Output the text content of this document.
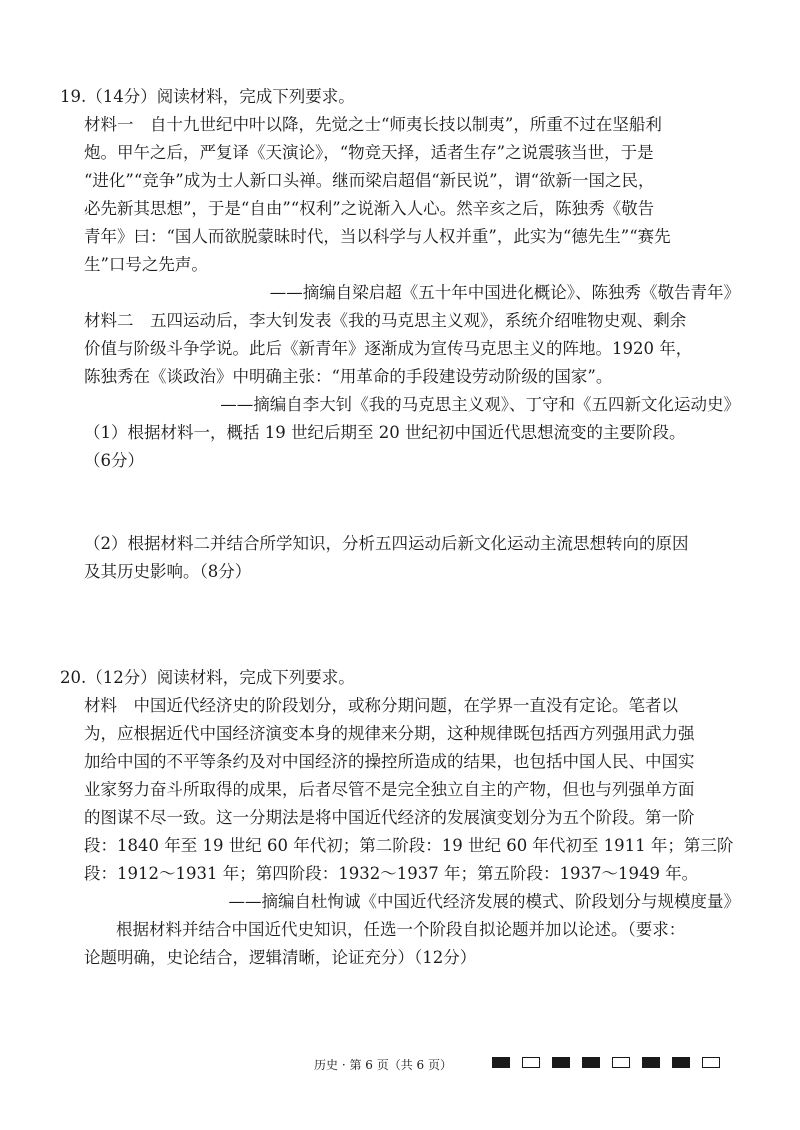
19.（14分）阅读材料，完成下列要求。
材料一　自十九世纪中叶以降，先觉之士“师夷长技以制夷”，所重不过在坚船利
炮。甲午之后，严复译《天演论》，“物竞天择，适者生存”之说震骇当世，于是
“进化”“竞争”成为士人新口头禅。继而梁启超倡“新民说”，谓“欲新一国之民，
必先新其思想”，于是“自由”“权利”之说渐入人心。然辛亥之后，陈独秀《敬告
青年》曰：“国人而欲脱蒙昧时代，当以科学与人权并重”，此实为“德先生”“赛先
生”口号之先声。
——摘编自梁启超《五十年中国进化概论》、陈独秀《敬告青年》
材料二　五四运动后，李大钊发表《我的马克思主义观》，系统介绍唯物史观、剩余
价值与阶级斗争学说。此后《新青年》逐渐成为宣传马克思主义的阵地。1920 年，
陈独秀在《谈政治》中明确主张：“用革命的手段建设劳动阶级的国家”。
——摘编自李大钊《我的马克思主义观》、丁守和《五四新文化运动史》
（1）根据材料一，概括 19 世纪后期至 20 世纪初中国近代思想流变的主要阶段。
（6分）
（2）根据材料二并结合所学知识，分析五四运动后新文化运动主流思想转向的原因
及其历史影响。（8分）
20.（12分）阅读材料，完成下列要求。
材料　中国近代经济史的阶段划分，或称分期问题，在学界一直没有定论。笔者以
为，应根据近代中国经济演变本身的规律来分期，这种规律既包括西方列强用武力强
加给中国的不平等条约及对中国经济的操控所造成的结果，也包括中国人民、中国实
业家努力奋斗所取得的成果，后者尽管不是完全独立自主的产物，但也与列强单方面
的图谋不尽一致。这一分期法是将中国近代经济的发展演变划分为五个阶段。第一阶
段：1840 年至 19 世纪 60 年代初；第二阶段：19 世纪 60 年代初至 1911 年；第三阶
段：1912～1931 年；第四阶段：1932～1937 年；第五阶段：1937～1949 年。
——摘编自杜恂诚《中国近代经济发展的模式、阶段划分与规模度量》
根据材料并结合中国近代史知识，任选一个阶段自拟论题并加以论述。（要求：
论题明确，史论结合，逻辑清晰，论证充分）（12分）
历史 · 第 6 页（共 6 页）
